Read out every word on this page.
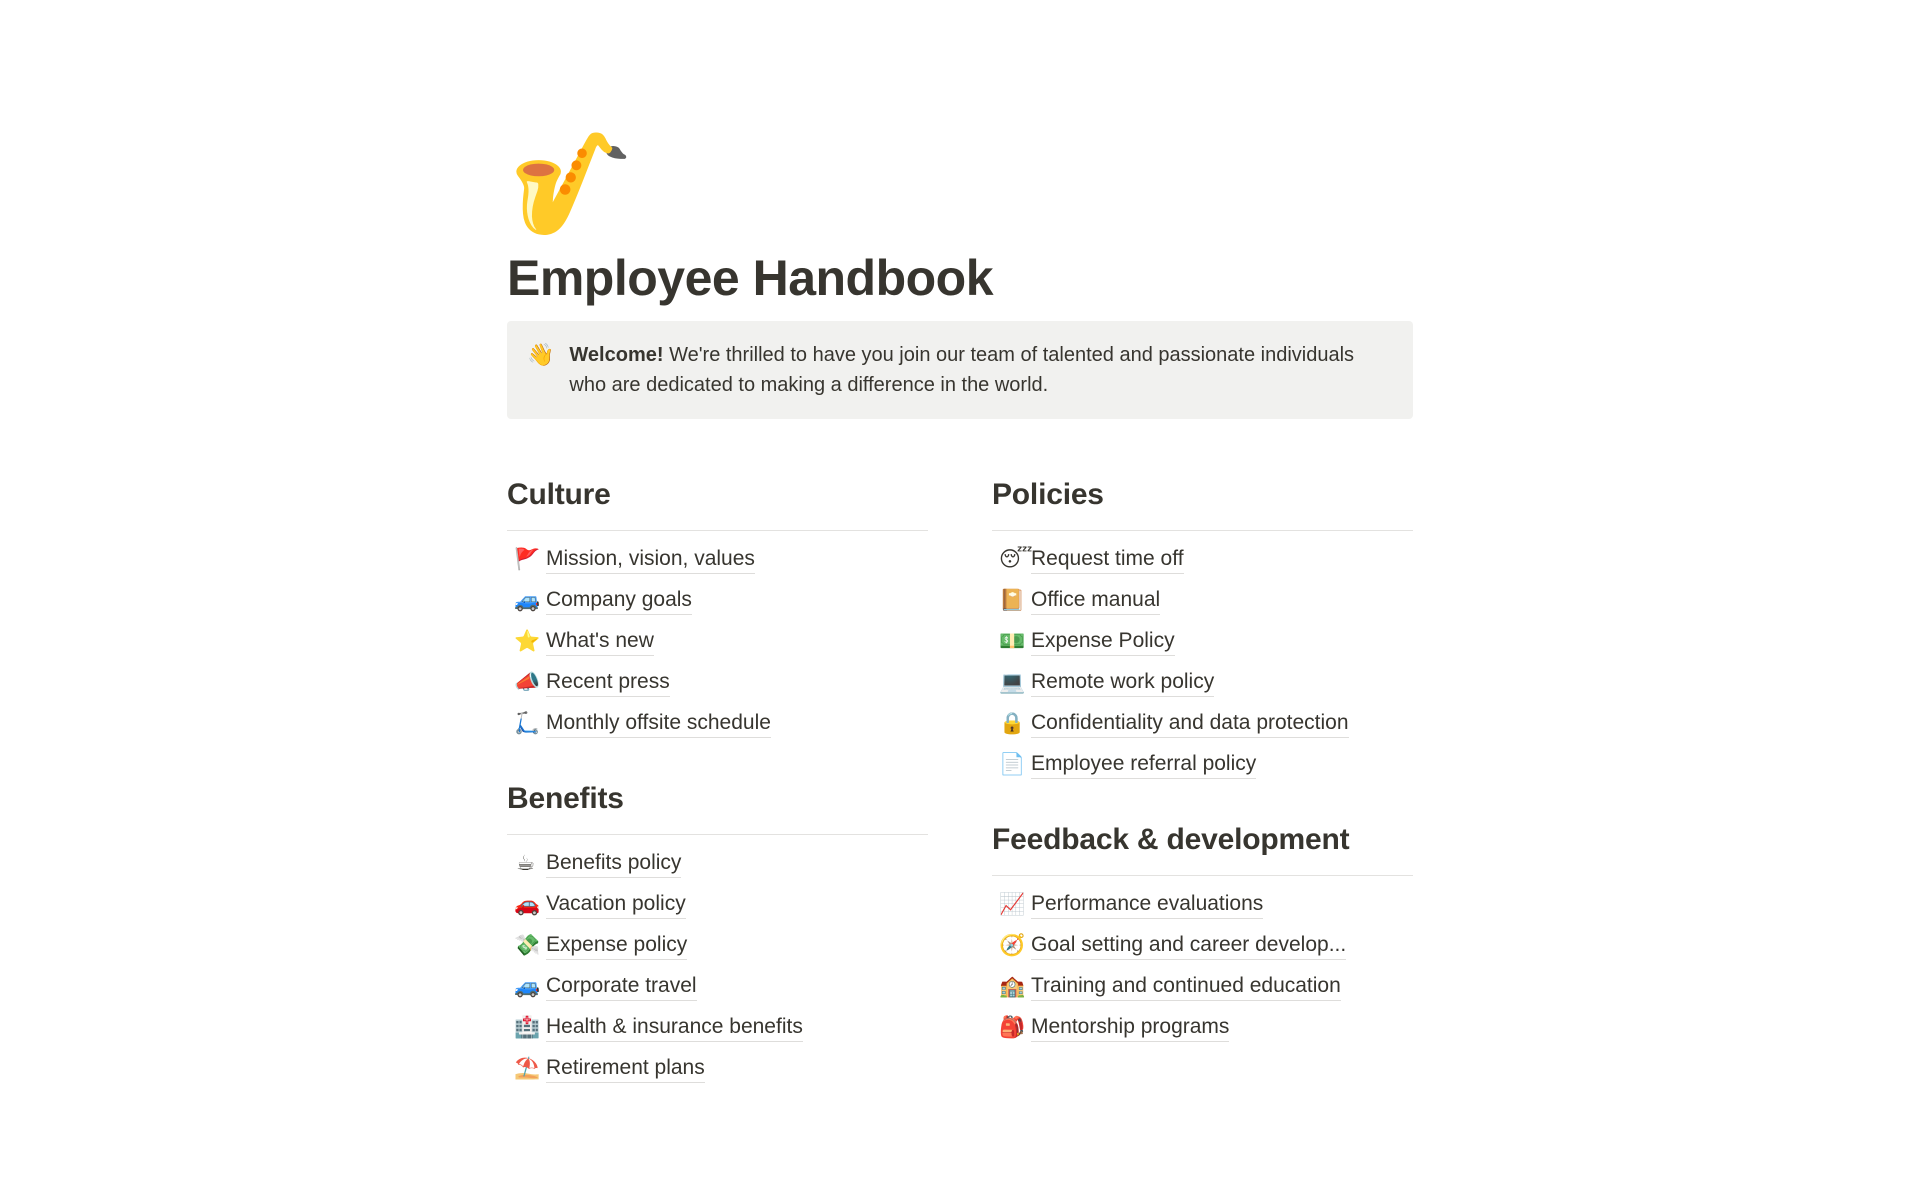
🎷
Employee Handbook
👋 Welcome! We're thrilled to have you join our team of talented and passionate individuals who are dedicated to making a difference in the world.
Culture
🚩 Mission, vision, values
🚙 Company goals
⭐ What's new
📣 Recent press
🛴 Monthly offsite schedule
Benefits
☕ Benefits policy
🚗 Vacation policy
💸 Expense policy
🚙 Corporate travel
🏥 Health & insurance benefits
⛱️ Retirement plans
Policies
😴
Request time off
📔 Office manual
💵 Expense Policy
💻 Remote work policy
🔒 Confidentiality and data protection
📄 Employee referral policy
Feedback & development
📈 Performance evaluations
🧭 Goal setting and career develop...
🏫 Training and continued education
🎒 Mentorship programs
